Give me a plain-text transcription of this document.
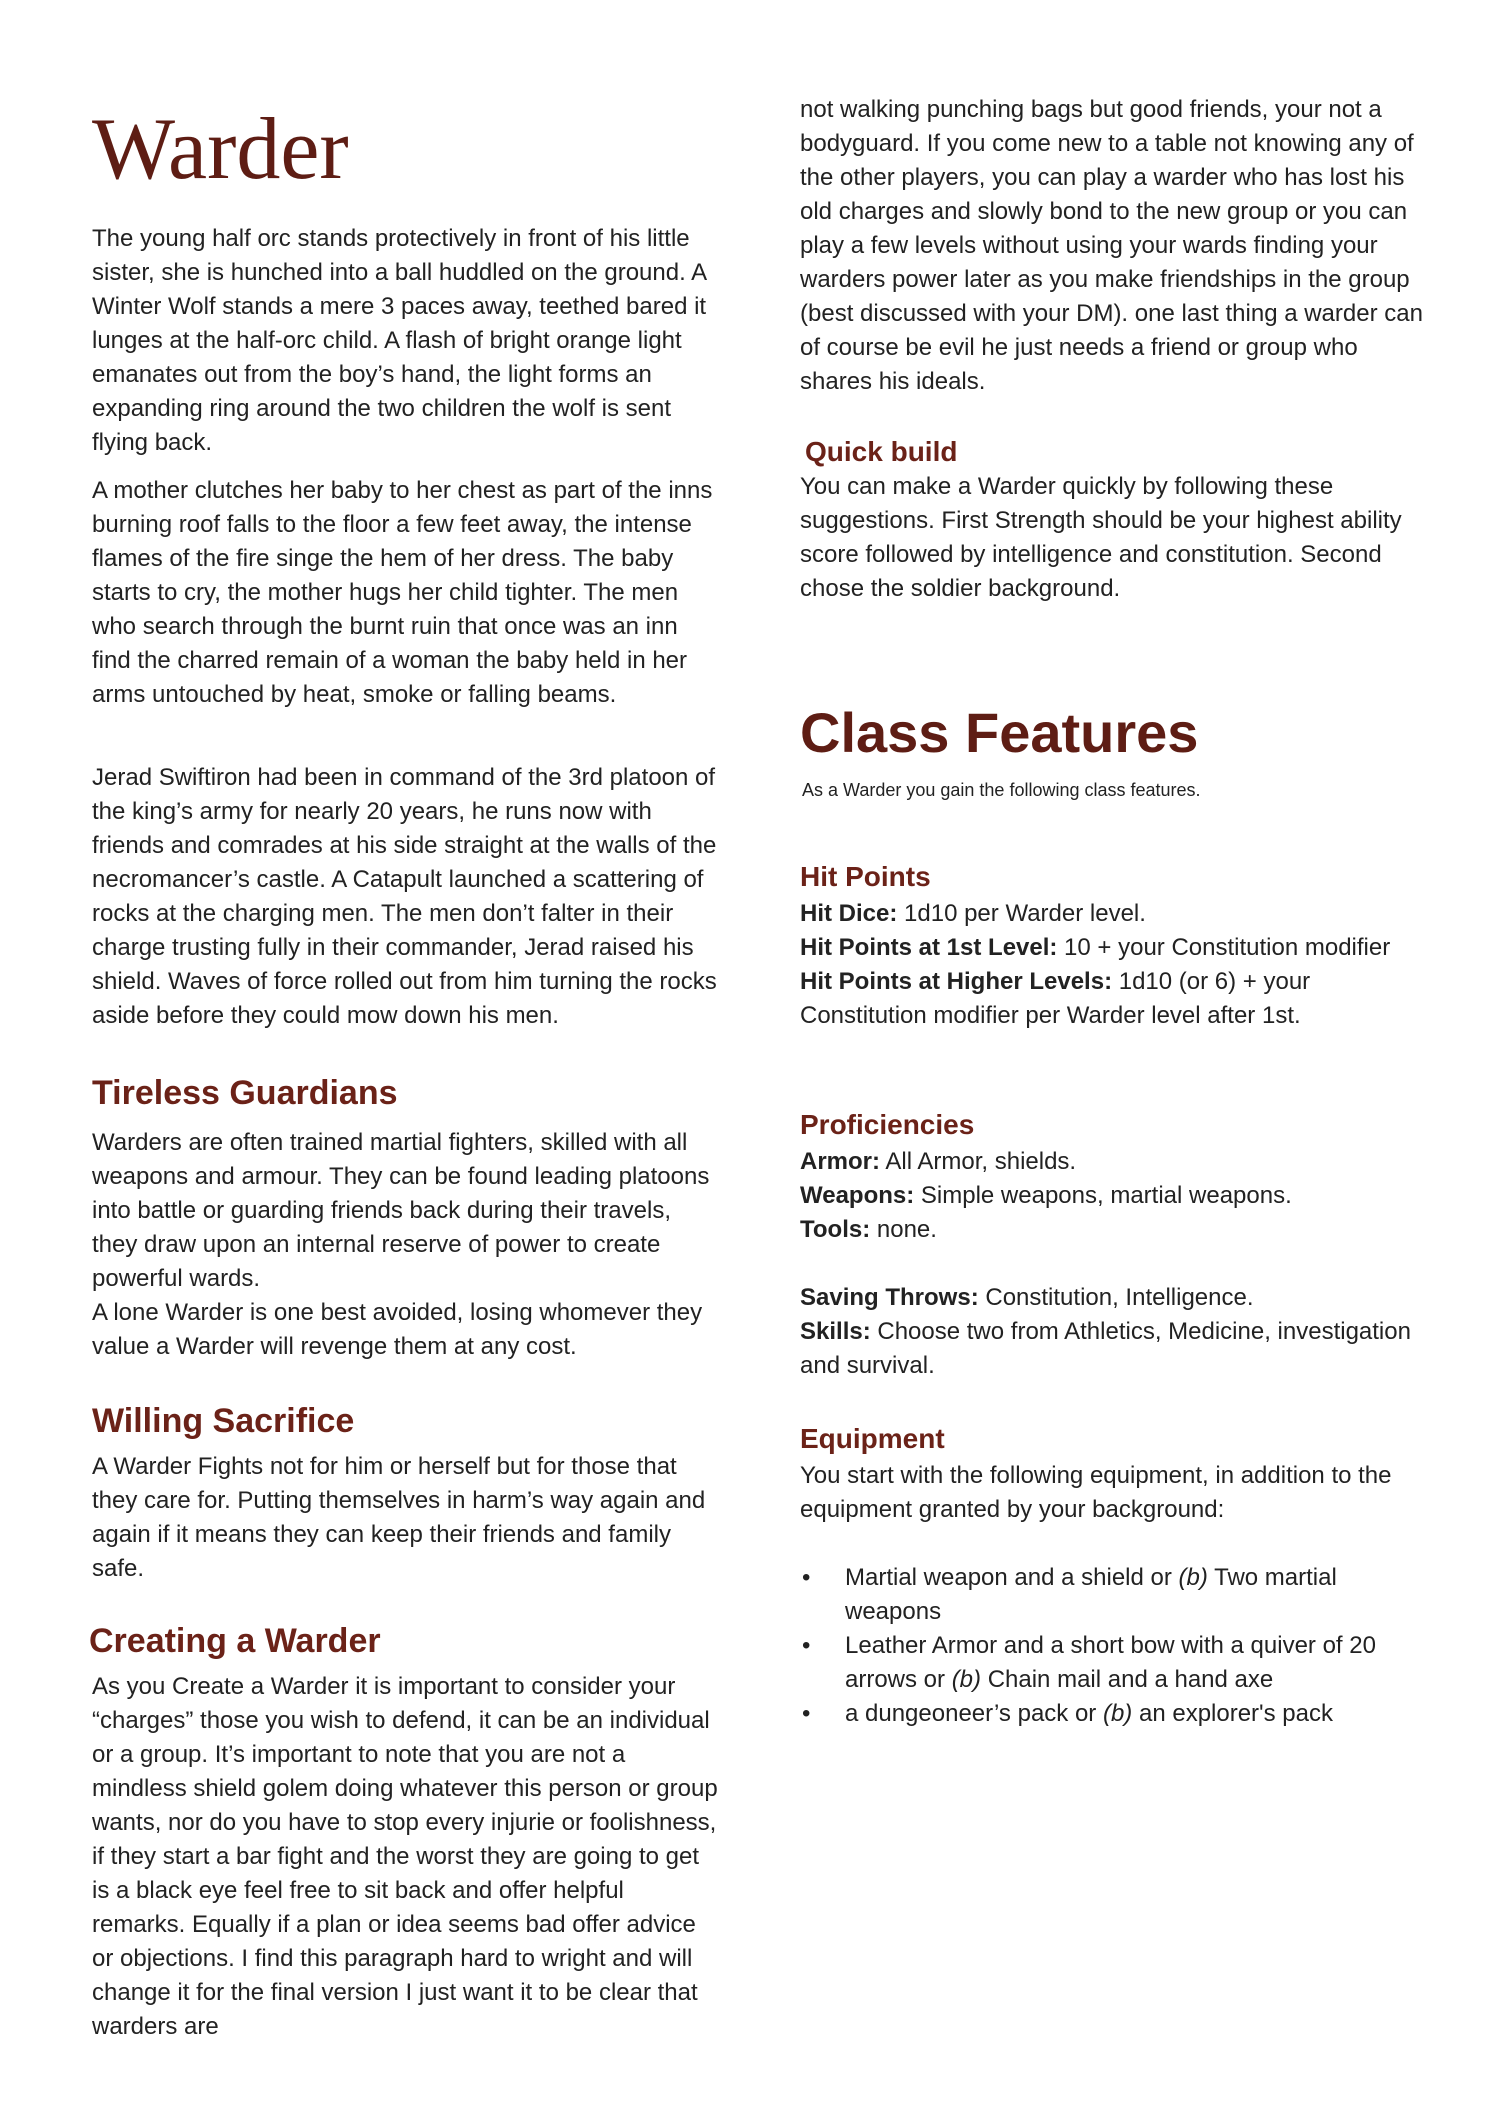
Warder

The young half orc stands protectively in front of his little sister, she is hunched into a ball huddled on the ground. A Winter Wolf stands a mere 3 paces away, teethed bared it lunges at the half-orc child. A flash of bright orange light emanates out from the boy’s hand, the light forms an expanding ring around the two children the wolf is sent flying back.

A mother clutches her baby to her chest as part of the inns burning roof falls to the floor a few feet away, the intense flames of the fire singe the hem of her dress. The baby starts to cry, the mother hugs her child tighter. The men who search through the burnt ruin that once was an inn find the charred remain of a woman the baby held in her arms untouched by heat, smoke or falling beams.

Jerad Swiftiron had been in command of the 3rd platoon of the king’s army for nearly 20 years, he runs now with friends and comrades at his side straight at the walls of the necromancer’s castle. A Catapult launched a scattering of rocks at the charging men. The men don’t falter in their charge trusting fully in their commander, Jerad raised his shield. Waves of force rolled out from him turning the rocks aside before they could mow down his men.

Tireless Guardians

Warders are often trained martial fighters, skilled with all weapons and armour. They can be found leading platoons into battle or guarding friends back during their travels, they draw upon an internal reserve of power to create powerful wards.

A lone Warder is one best avoided, losing whomever they value a Warder will revenge them at any cost.

Willing Sacrifice

A Warder Fights not for him or herself but for those that they care for. Putting themselves in harm’s way again and again if it means they can keep their friends and family safe.

Creating a Warder

As you Create a Warder it is important to consider your “charges” those you wish to defend, it can be an individual or a group. It’s important to note that you are not a mindless shield golem doing whatever this person or group wants, nor do you have to stop every injurie or foolishness, if they start a bar fight and the worst they are going to get is a black eye feel free to sit back and offer helpful remarks. Equally if a plan or idea seems bad offer advice or objections. I find this paragraph hard to wright and will change it for the final version I just want it to be clear that warders are

not walking punching bags but good friends, your not a bodyguard. If you come new to a table not knowing any of the other players, you can play a warder who has lost his old charges and slowly bond to the new group or you can play a few levels without using your wards finding your warders power later as you make friendships in the group (best discussed with your DM). one last thing a warder can of course be evil he just needs a friend or group who shares his ideals.

Quick build

You can make a Warder quickly by following these suggestions. First Strength should be your highest ability score followed by intelligence and constitution. Second chose the soldier background.

Class Features

As a Warder you gain the following class features.

Hit Points

Hit Dice: 1d10 per Warder level.

Hit Points at 1st Level: 10 + your Constitution modifier

Hit Points at Higher Levels: 1d10 (or 6) + your Constitution modifier per Warder level after 1st.

Proficiencies

Armor: All Armor, shields.

Weapons: Simple weapons, martial weapons.

Tools: none.

Saving Throws: Constitution, Intelligence.

Skills: Choose two from Athletics, Medicine, investigation and survival.

Equipment

You start with the following equipment, in addition to the equipment granted by your background:

• Martial weapon and a shield or (b) Two martial weapons
• Leather Armor and a short bow with a quiver of 20 arrows or (b) Chain mail and a hand axe
• a dungeoneer’s pack or (b) an explorer's pack
